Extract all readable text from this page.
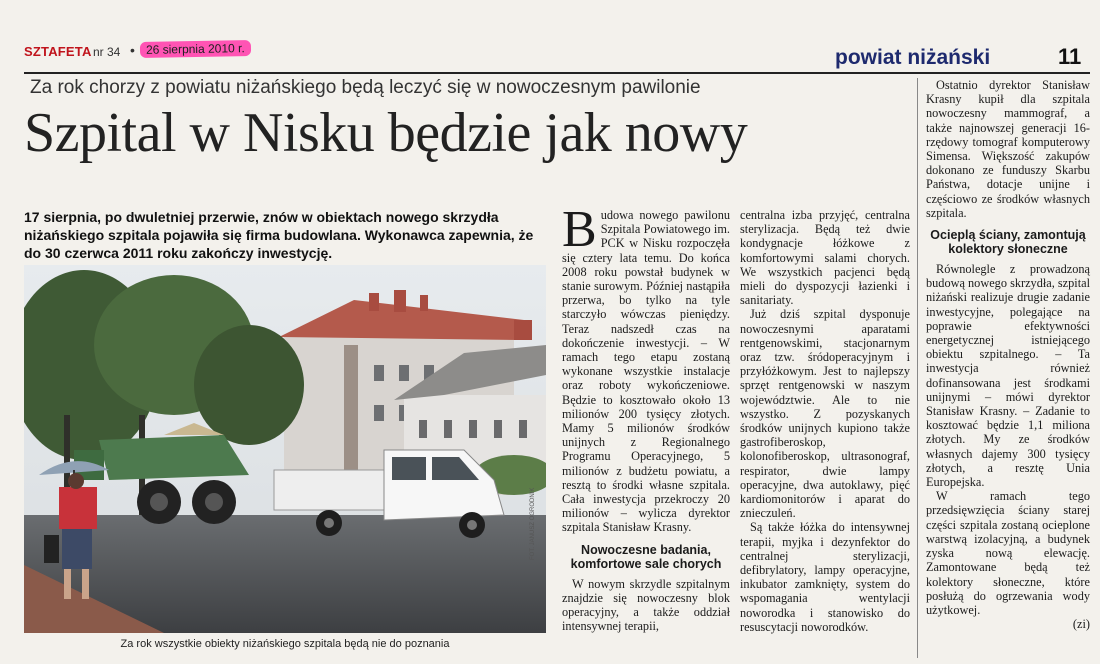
SZTAFETA nr 34 • 26 sierpnia 2010 r.	powiat niżański	11
Za rok chorzy z powiatu niżańskiego będą leczyć się w nowoczesnym pawilonie
Szpital w Nisku będzie jak nowy
17 sierpnia, po dwuletniej przerwie, znów w obiektach nowego skrzydła niżańskiego szpitala pojawiła się firma budowlana. Wykonawca zapewnia, że do 30 czerwca 2011 roku zakończy inwestycję.
FOT. JANUSZ OGRODNIK
Za rok wszystkie obiekty niżańskiego szpitala będą nie do poznania

Budowa nowego pawilonu Szpitala Powiatowego im. PCK w Nisku rozpoczęła się cztery lata temu. Do końca 2008 roku powstał budynek w stanie surowym. Później nastąpiła przerwa, bo tylko na tyle starczyło wówczas pieniędzy. Teraz nadszedł czas na dokończenie inwestycji. – W ramach tego etapu zostaną wykonane wszystkie instalacje oraz roboty wykończeniowe. Będzie to kosztowało około 13 milionów 200 tysięcy złotych. Mamy 5 milionów środków unijnych z Regionalnego Programu Operacyjnego, 5 milionów z budżetu powiatu, a resztą to środki własne szpitala. Cała inwestycja przekroczy 20 milionów – wylicza dyrektor szpitala Stanisław Krasny.

Nowoczesne badania, komfortowe sale chorych

W nowym skrzydle szpitalnym znajdzie się nowoczesny blok operacyjny, a także oddział intensywnej terapii,

centralna izba przyjęć, centralna sterylizacja. Będą też dwie kondygnacje łóżkowe z komfortowymi salami chorych. We wszystkich pacjenci będą mieli do dyspozycji łazienki i sanitariaty.

Już dziś szpital dysponuje nowoczesnymi aparatami rentgenowskimi, stacjonarnym oraz tzw. śródoperacyjnym i przyłóżkowym. Jest to najlepszy sprzęt rentgenowski w naszym województwie. Ale to nie wszystko. Z pozyskanych środków unijnych kupiono także gastrofiberoskop, kolonofiberoskop, ultrasonograf, respirator, dwie lampy operacyjne, dwa autoklawy, pięć kardiomonitorów i aparat do znieczuleń.

Są także łóżka do intensywnej terapii, myjka i dezynfektor do centralnej sterylizacji, defibrylatory, lampy operacyjne, inkubator zamknięty, system do wspomagania wentylacji noworodka i stanowisko do resuscytacji noworodków.

Ostatnio dyrektor Stanisław Krasny kupił dla szpitala nowoczesny mammograf, a także najnowszej generacji 16-rzędowy tomograf komputerowy Simensa. Większość zakupów dokonano ze funduszy Skarbu Państwa, dotacje unijne i częściowo ze środków własnych szpitala.

Ocieplą ściany, zamontują kolektory słoneczne

Równolegle z prowadzoną budową nowego skrzydła, szpital niżański realizuje drugie zadanie inwestycyjne, polegające na poprawie efektywności energetycznej istniejącego obiektu szpitalnego. – Ta inwestycja również dofinansowana jest środkami unijnymi – mówi dyrektor Stanisław Krasny. – Zadanie to kosztować będzie 1,1 miliona złotych. My ze środków własnych dajemy 300 tysięcy złotych, a resztę Unia Europejska.

W ramach tego przedsięwzięcia ściany starej części szpitala zostaną ocieplone warstwą izolacyjną, a budynek zyska nową elewację. Zamontowane będą też kolektory słoneczne, które posłużą do ogrzewania wody użytkowej.

(zi)
